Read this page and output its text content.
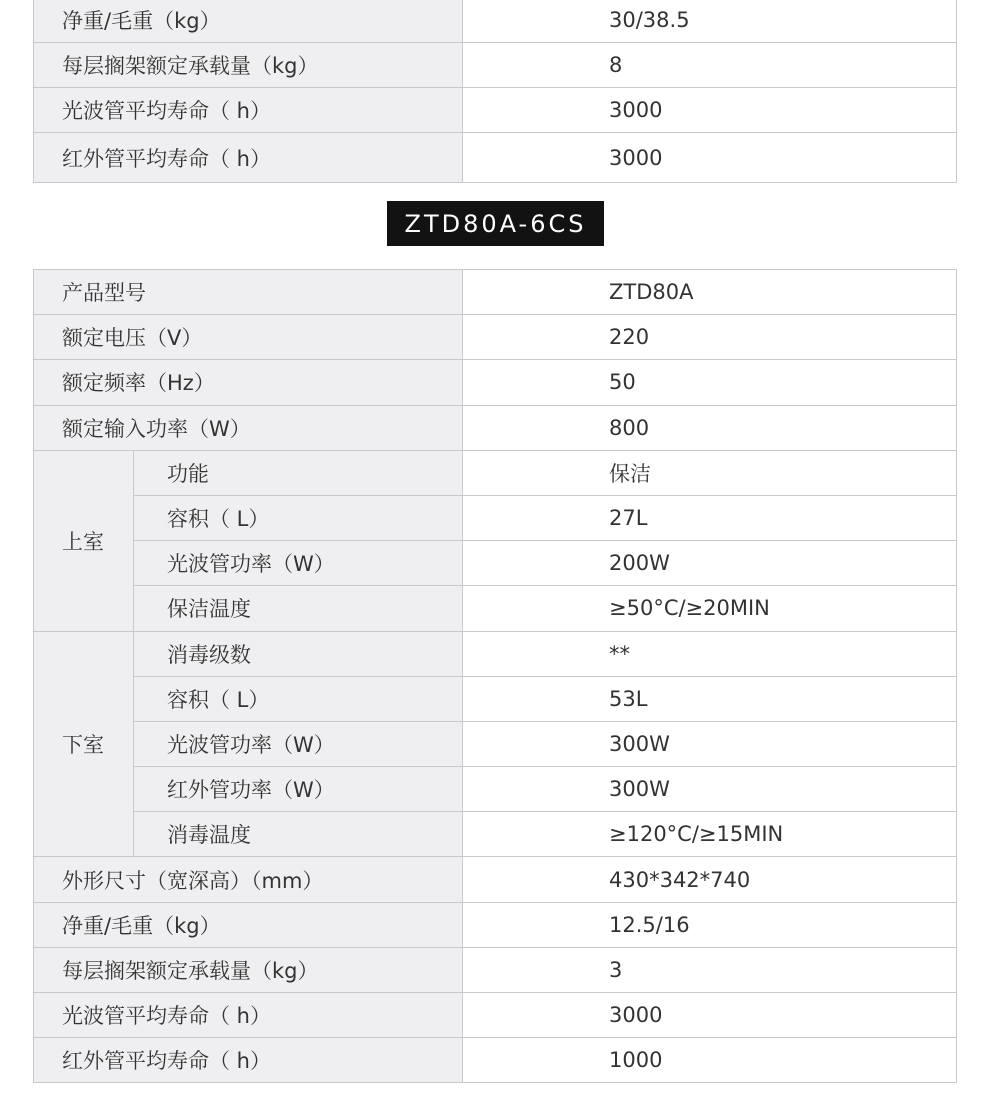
净重/毛重（kg）	30/38.5
每层搁架额定承载量（kg）	8
光波管平均寿命（ h）	3000
红外管平均寿命（ h）	3000
ZTD80A-6CS
产品型号		ZTD80A
额定电压（V）		220
额定频率（Hz）		50
额定输入功率（W）		800
上室	功能	保洁
	容积（ L）	27L
	光波管功率（W）	200W
	保洁温度	≥50°C/≥20MIN
下室	消毒级数	**
	容积（ L）	53L
	光波管功率（W）	300W
	红外管功率（W）	300W
	消毒温度	≥120°C/≥15MIN
外形尺寸（宽深高）（mm）		430*342*740
净重/毛重（kg）		12.5/16
每层搁架额定承载量（kg）		3
光波管平均寿命（ h）		3000
红外管平均寿命（ h）		1000
